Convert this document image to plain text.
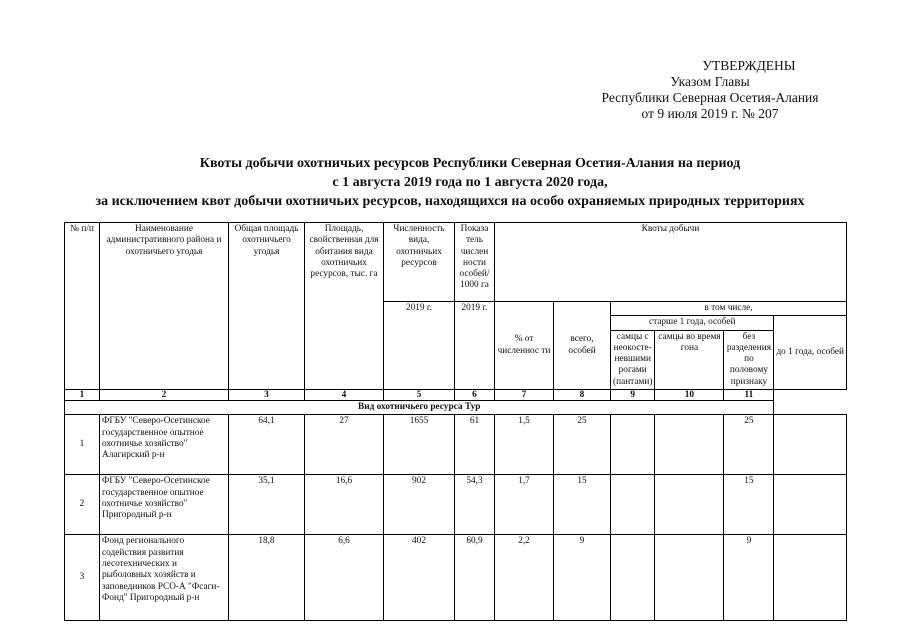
УТВЕРЖДЕНЫ
Указом Главы
Республики Северная Осетия-Алания
от 9 июля 2019 г. № 207
Квоты добычи охотничьих ресурсов Республики Северная Осетия-Алания на период
с 1 августа 2019 года по 1 августа 2020 года,
за исключением квот добычи охотничьих ресурсов, находящихся на особо охраняемых природных территориях
№ п/п	Наименование административного района и охотничьего угодья	Общая площадь охотничьего угодья	Площадь, свойственная для обитания вида охотничьих ресурсов, тыс. га	Численность вида, охотничьих ресурсов	Показа тель числен ности особей/ 1000 га	Квоты добычи					
				2019 г.	2019 г.	% от численнос ти	всего, особей	в том числе,			
								старше 1 года, особей			до 1 года, особей
								самцы с неокосте-невшими рогами (пантами)	самцы во время гона	без разделения по половому признаку	
1	2	3	4	5	6	7	8	9	10	11	
Вид охотничьего ресурса Тур											
1	ФГБУ "Северо-Осетинское государственное опытное охотничье хозяйство" Алагирский р-н	64,1	27	1655	61	1,5	25			25	
2	ФГБУ "Северо-Осетинское государственное опытное охотничье хозяйство" Пригородный р-н	35,1	16,6	902	54,3	1,7	15			15	
3	Фонд регионального содействия развития лесотехнических и рыболовных хозяйств и заповедников РСО-А "Фсаги-Фонд" Пригородный р-н	18,8	6,6	402	60,9	2,2	9			9	
